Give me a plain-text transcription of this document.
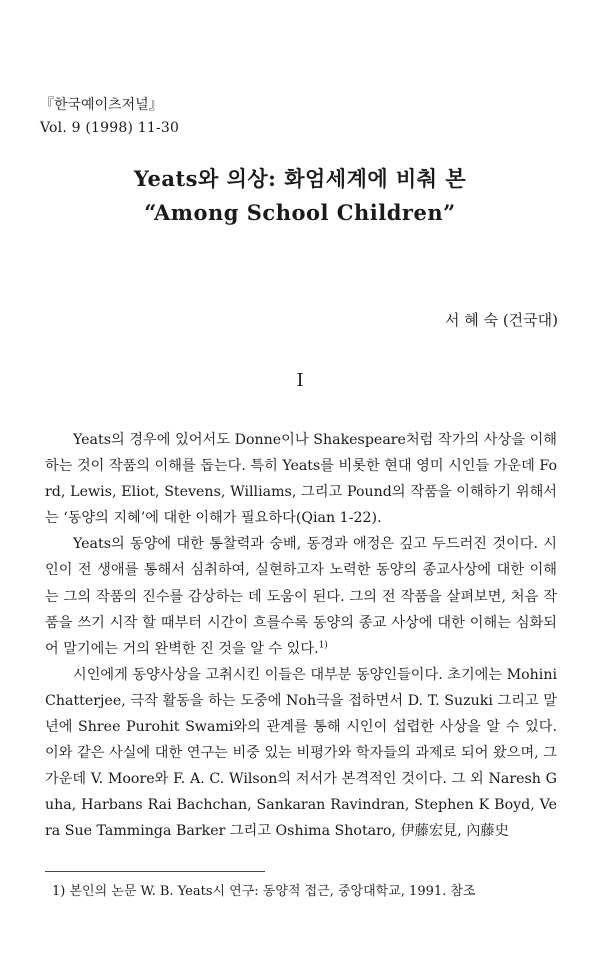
『한국예이츠저널』
Vol. 9 (1998) 11-30
Yeats와 의상: 화엄세계에 비춰 본
“Among School Children”
서 혜 숙 (건국대)
I

Yeats의 경우에 있어서도 Donne이나 Shakespeare처럼 작가의 사상을 이해하는 것이 작품의 이해를 돕는다. 특히 Yeats를 비롯한 현대 영미 시인들 가운데 Ford, Lewis, Eliot, Stevens, Williams, 그리고 Pound의 작품을 이해하기 위해서는 ‘동양의 지혜’에 대한 이해가 필요하다(Qian 1-22).

Yeats의 동양에 대한 통찰력과 숭배, 동경과 애정은 깊고 두드러진 것이다. 시인이 전 생애를 통해서 심취하여, 실현하고자 노력한 동양의 종교사상에 대한 이해는 그의 작품의 진수를 감상하는 데 도움이 된다. 그의 전 작품을 살펴보면, 처음 작품을 쓰기 시작 할 때부터 시간이 흐를수록 동양의 종교 사상에 대한 이해는 심화되어 말기에는 거의 완벽한 진 것을 알 수 있다.$^{1)}$

시인에게 동양사상을 고취시킨 이들은 대부분 동양인들이다. 초기에는 Mohini Chatterjee, 극작 활동을 하는 도중에 Noh극을 접하면서 D. T. Suzuki 그리고 말년에 Shree Purohit Swami와의 관계를 통해 시인이 섭렵한 사상을 알 수 있다. 이와 같은 사실에 대한 연구는 비중 있는 비평가와 학자들의 과제로 되어 왔으며, 그 가운데 V. Moore와 F. A. C. Wilson의 저서가 본격적인 것이다. 그 외 Naresh Guha, Harbans Rai Bachchan, Sankaran Ravindran, Stephen K Boyd, Vera Sue Tamminga Barker 그리고 Oshima Shotaro, 伊藤宏見, 內藤史

1) 본인의 논문 W. B. Yeats시 연구: 동양적 접근, 중앙대학교, 1991. 참조
